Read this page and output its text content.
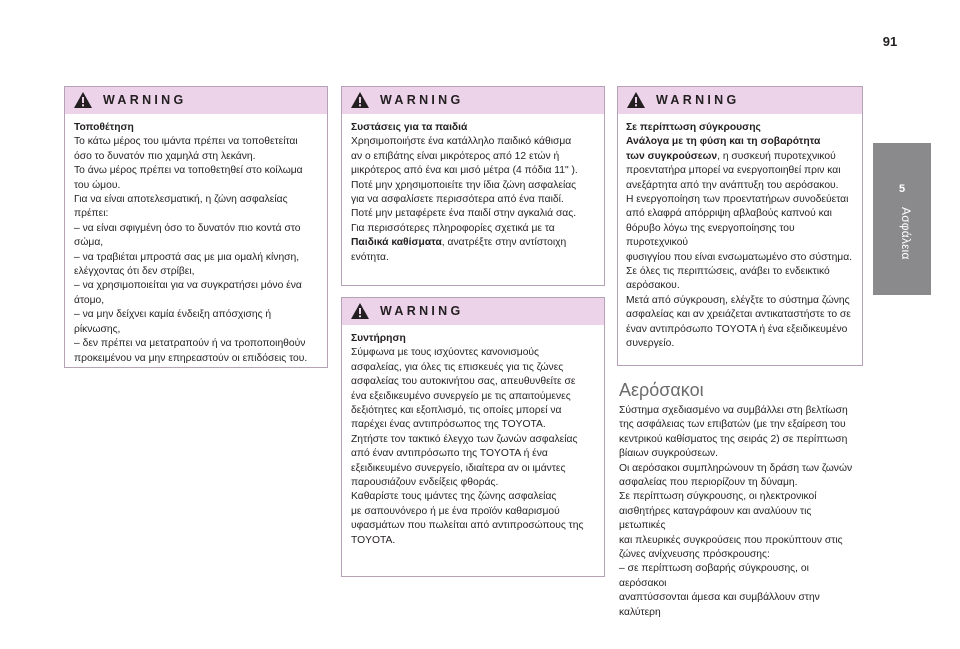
91
5
Ασφάλεια
WARNING

Τοποθέτηση

Το κάτω μέρος του ιμάντα πρέπει να τοποθετείται

όσο το δυνατόν πιο χαμηλά στη λεκάνη.

Το άνω μέρος πρέπει να τοποθετηθεί στο κοίλωμα

του ώμου.

Για να είναι αποτελεσματική, η ζώνη ασφαλείας

πρέπει:

– να είναι σφιγμένη όσο το δυνατόν πιο κοντά στο

σώμα,

– να τραβιέται μπροστά σας με μια ομαλή κίνηση,

ελέγχοντας ότι δεν στρίβει,

– να χρησιμοποιείται για να συγκρατήσει μόνο ένα

άτομο,

– να μην δείχνει καμία ένδειξη απόσχισης ή

ρίκνωσης,

– δεν πρέπει να μετατραπούν ή να τροποποιηθούν

προκειμένου να μην επηρεαστούν οι επιδόσεις του.

WARNING

Συστάσεις για τα παιδιά

Χρησιμοποιήστε ένα κατάλληλο παιδικό κάθισμα

αν ο επιβάτης είναι μικρότερος από 12 ετών ή

μικρότερος από ένα και μισό μέτρα (4 πόδια 11" ).

Ποτέ μην χρησιμοποιείτε την ίδια ζώνη ασφαλείας

για να ασφαλίσετε περισσότερα από ένα παιδί.

Ποτέ μην μεταφέρετε ένα παιδί στην αγκαλιά σας.

Για περισσότερες πληροφορίες σχετικά με τα

Παιδικά καθίσματα, ανατρέξτε στην αντίστοιχη

ενότητα.

WARNING

Συντήρηση

Σύμφωνα με τους ισχύοντες κανονισμούς

ασφαλείας, για όλες τις επισκευές για τις ζώνες

ασφαλείας του αυτοκινήτου σας, απευθυνθείτε σε

ένα εξειδικευμένο συνεργείο με τις απαιτούμενες

δεξιότητες και εξοπλισμό, τις οποίες μπορεί να

παρέχει ένας αντιπρόσωπος της TOYOTA.

Ζητήστε τον τακτικό έλεγχο των ζωνών ασφαλείας

από έναν αντιπρόσωπο της TOYOTA ή ένα

εξειδικευμένο συνεργείο, ιδιαίτερα αν οι ιμάντες

παρουσιάζουν ενδείξεις φθοράς.

Καθαρίστε τους ιμάντες της ζώνης ασφαλείας

με σαπουνόνερο ή με ένα προϊόν καθαρισμού

υφασμάτων που πωλείται από αντιπροσώπους της

TOYOTA.

WARNING

Σε περίπτωση σύγκρουσης

Ανάλογα με τη φύση και τη σοβαρότητα

των συγκρούσεων, η συσκευή πυροτεχνικού

προεντατήρα μπορεί να ενεργοποιηθεί πριν και

ανεξάρτητα από την ανάπτυξη του αερόσακου.

Η ενεργοποίηση των προεντατήρων συνοδεύεται

από ελαφρά απόρριψη αβλαβούς καπνού και

θόρυβο λόγω της ενεργοποίησης του πυροτεχνικού

φυσιγγίου που είναι ενσωματωμένο στο σύστημα.

Σε όλες τις περιπτώσεις, ανάβει το ενδεικτικό

αερόσακου.

Μετά από σύγκρουση, ελέγξτε το σύστημα ζώνης

ασφαλείας και αν χρειάζεται αντικαταστήστε το σε

έναν αντιπρόσωπο TOYOTA ή ένα εξειδικευμένο

συνεργείο.

Αερόσακοι

Σύστημα σχεδιασμένο να συμβάλλει στη βελτίωση

της ασφάλειας των επιβατών (με την εξαίρεση του

κεντρικού καθίσματος της σειράς 2) σε περίπτωση

βίαιων συγκρούσεων.

Οι αερόσακοι συμπληρώνουν τη δράση των ζωνών

ασφαλείας που περιορίζουν τη δύναμη.

Σε περίπτωση σύγκρουσης, οι ηλεκτρονικοί

αισθητήρες καταγράφουν και αναλύουν τις μετωπικές

και πλευρικές συγκρούσεις που προκύπτουν στις

ζώνες ανίχνευσης πρόσκρουσης:

– σε περίπτωση σοβαρής σύγκρουσης, οι αερόσακοι

αναπτύσσονται άμεσα και συμβάλλουν στην καλύτερη
